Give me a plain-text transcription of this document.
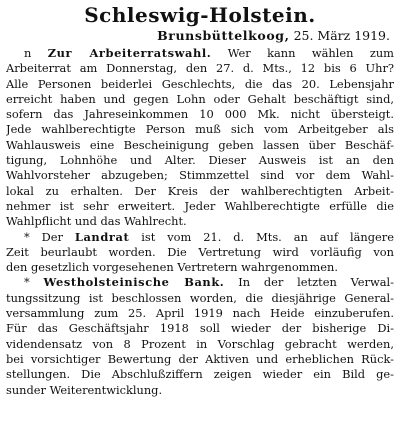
Schleswig-Holstein.
Brunsbüttelkoog, 25. März 1919.
n Zur Arbeiterratswahl. Wer kann wählen zum
Arbeiterrat am Donnerstag, den 27. d. Mts., 12 bis 6 Uhr?
Alle Personen beiderlei Geschlechts, die das 20. Lebensjahr
erreicht haben und gegen Lohn oder Gehalt beschäftigt sind,
sofern das Jahreseinkommen 10 000 Mk. nicht übersteigt.
Jede wahlberechtigte Person muß sich vom Arbeitgeber als
Wahlausweis eine Bescheinigung geben lassen über Beschäf-
tigung, Lohnhöhe und Alter. Dieser Ausweis ist an den
Wahlvorsteher abzugeben; Stimmzettel sind vor dem Wahl-
lokal zu erhalten. Der Kreis der wahlberechtigten Arbeit-
nehmer ist sehr erweitert. Jeder Wahlberechtigte erfülle die
Wahlpflicht und das Wahlrecht.
* Der Landrat ist vom 21. d. Mts. an auf längere
Zeit beurlaubt worden. Die Vertretung wird vorläufig von
den gesetzlich vorgesehenen Vertretern wahrgenommen.
* Westholsteinische Bank. In der letzten Verwal-
tungssitzung ist beschlossen worden, die diesjährige General-
versammlung zum 25. April 1919 nach Heide einzuberufen.
Für das Geschäftsjahr 1918 soll wieder der bisherige Di-
videndensatz von 8 Prozent in Vorschlag gebracht werden,
bei vorsichtiger Bewertung der Aktiven und erheblichen Rück-
stellungen. Die Abschlußziffern zeigen wieder ein Bild ge-
sunder Weiterentwicklung.
